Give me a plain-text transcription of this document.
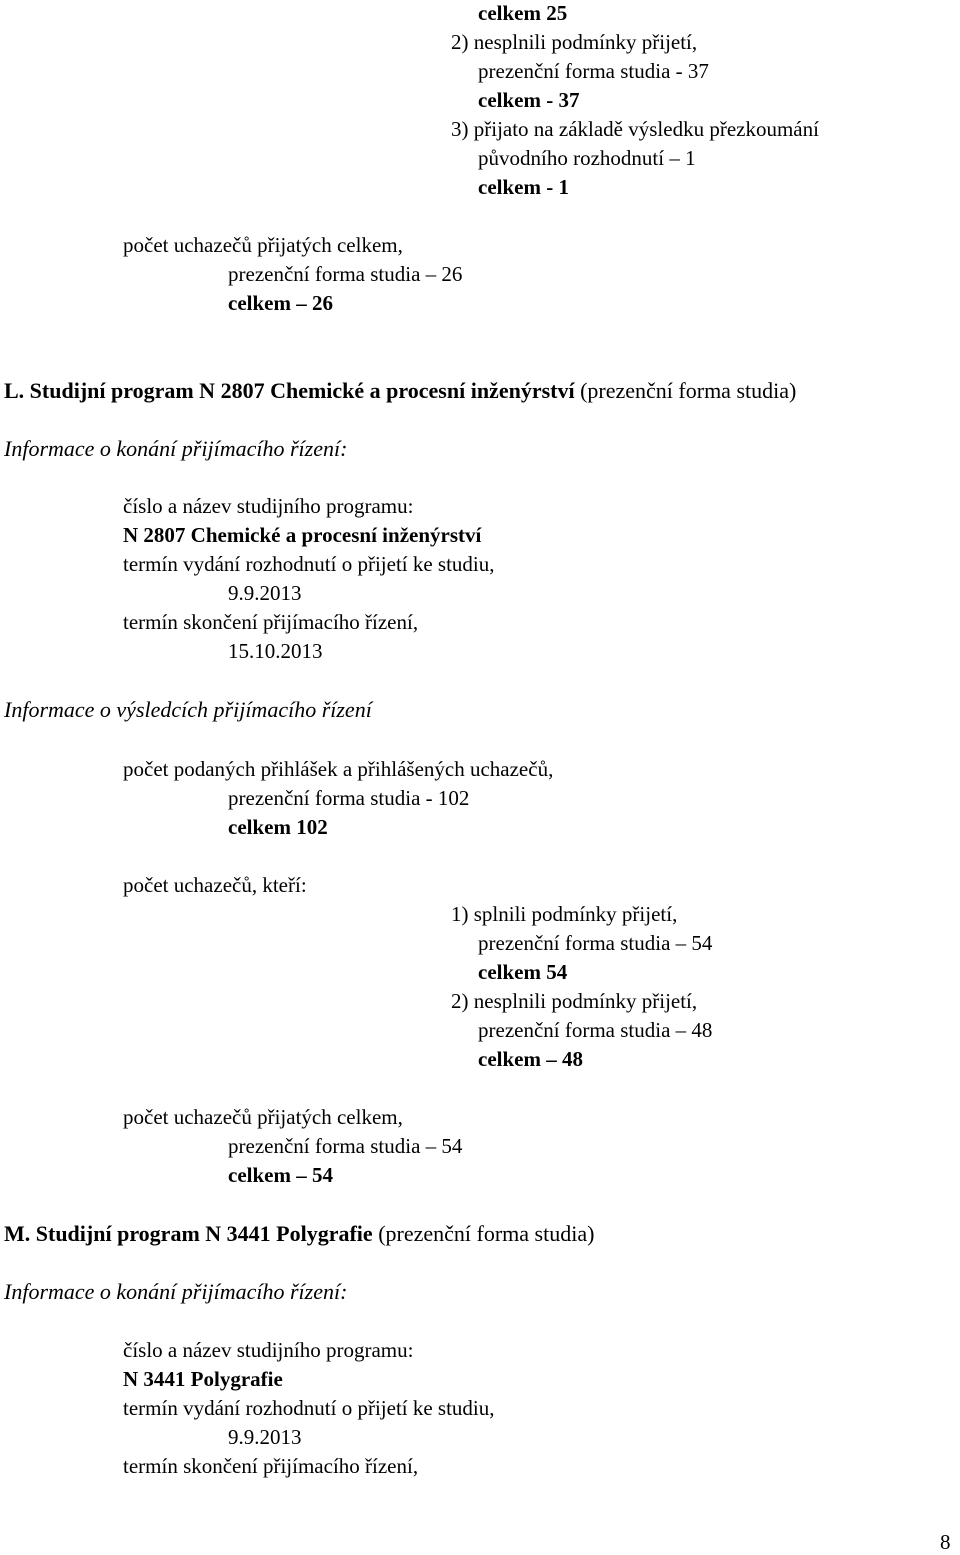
celkem 25
2) nesplnili podmínky přijetí,
prezenční forma studia - 37
celkem - 37
3) přijato na základě výsledku přezkoumání
původního rozhodnutí – 1
celkem - 1
počet uchazečů přijatých celkem,
prezenční forma studia – 26
celkem – 26
L. Studijní program N 2807 Chemické a procesní inženýrství (prezenční forma studia)
Informace o konání přijímacího řízení:
číslo a název studijního programu:
N 2807 Chemické a procesní inženýrství
termín vydání rozhodnutí o přijetí ke studiu,
9.9.2013
termín skončení přijímacího řízení,
15.10.2013
Informace o výsledcích přijímacího řízení
počet podaných přihlášek a přihlášených uchazečů,
prezenční forma studia - 102
celkem 102
počet uchazečů, kteří:
1) splnili podmínky přijetí,
prezenční forma studia – 54
celkem 54
2) nesplnili podmínky přijetí,
prezenční forma studia – 48
celkem – 48
počet uchazečů přijatých celkem,
prezenční forma studia – 54
celkem – 54
M. Studijní program N 3441 Polygrafie (prezenční forma studia)
Informace o konání přijímacího řízení:
číslo a název studijního programu:
N 3441 Polygrafie
termín vydání rozhodnutí o přijetí ke studiu,
9.9.2013
termín skončení přijímacího řízení,
8
